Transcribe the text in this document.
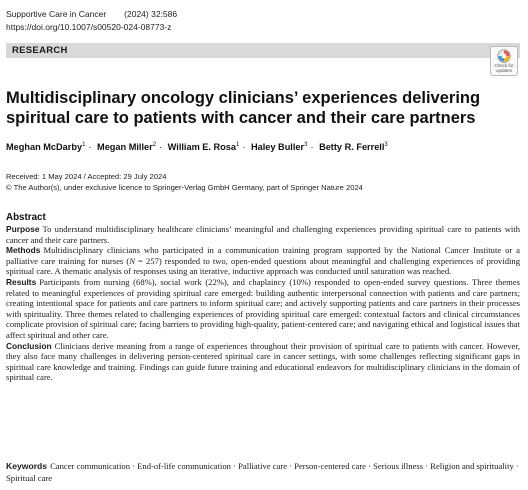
Supportive Care in Cancer (2024) 32:586
https://doi.org/10.1007/s00520-024-08773-z
RESEARCH
Check for updates
Multidisciplinary oncology clinicians’ experiences delivering spiritual care to patients with cancer and their care partners
Meghan McDarby$^1$ · Megan Miller$^2$ · William E. Rosa$^1$ · Haley Buller$^3$ · Betty R. Ferrell$^3$
Received: 1 May 2024 / Accepted: 29 July 2024
© The Author(s), under exclusive licence to Springer-Verlag GmbH Germany, part of Springer Nature 2024
Abstract

Purpose To understand multidisciplinary healthcare clinicians’ meaningful and challenging experiences providing spiritual care to patients with cancer and their care partners.

Methods Multidisciplinary clinicians who participated in a communication training program supported by the National Cancer Institute or a palliative care training for nurses (N = 257) responded to two, open-ended questions about meaningful and challenging experiences of providing spiritual care. A thematic analysis of responses using an iterative, inductive approach was conducted until saturation was reached.

Results Participants from nursing (68%), social work (22%), and chaplaincy (10%) responded to open-ended survey questions. Three themes related to meaningful experiences of providing spiritual care emerged: building authentic interpersonal connection with patients and care partners; creating intentional space for patients and care partners to inform spiritual care; and actively supporting patients and care partners in their processes with spirituality. Three themes related to challenging experiences of providing spiritual care emerged: contextual factors and clinical circumstances complicate provision of spiritual care; facing barriers to providing high-quality, patient-centered care; and navigating ethical and logistical issues that affect spiritual and other care.

Conclusion Clinicians derive meaning from a range of experiences throughout their provision of spiritual care to patients with cancer. However, they also face many challenges in delivering person-centered spiritual care in cancer settings, with some challenges reflecting significant gaps in spiritual care knowledge and training. Findings can guide future training and educational endeavors for multidisciplinary clinicians in the domain of spiritual care.

Keywords Cancer communication · End-of-life communication · Palliative care · Person-centered care · Serious illness · Religion and spirituality · Spiritual care
